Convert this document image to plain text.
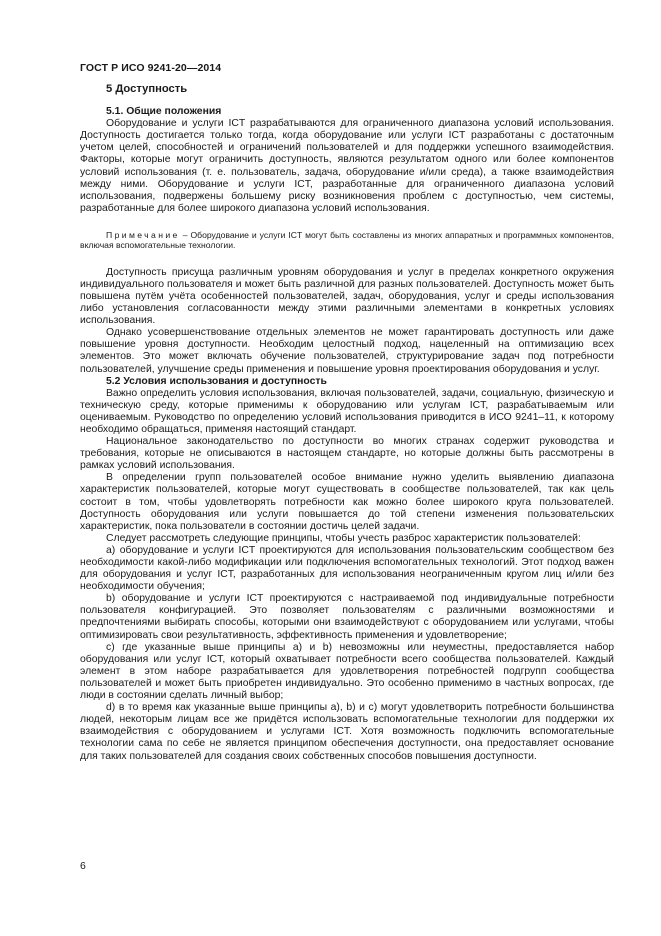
ГОСТ Р ИСО 9241-20—2014
5 Доступность
5.1. Общие положения

Оборудование и услуги ICT разрабатываются для ограниченного диапазона условий использования. Доступность достигается только тогда, когда оборудование или услуги ICT разработаны с достаточным учетом целей, способностей и ограничений пользователей и для поддержки успешного взаимодействия. Факторы, которые могут ограничить доступность, являются результатом одного или более компонентов условий использования (т. е. пользователь, задача, оборудование и/или среда), а также взаимодействия между ними. Оборудование и услуги ICT, разработанные для ограниченного диапазона условий использования, подвержены большему риску возникновения проблем с доступностью, чем системы, разработанные для более широкого диапазона условий использования.

Примечание – Оборудование и услуги ICT могут быть составлены из многих аппаратных и программных компонентов, включая вспомогательные технологии.

Доступность присуща различным уровням оборудования и услуг в пределах конкретного окружения индивидуального пользователя и может быть различной для разных пользователей. Доступность может быть повышена путём учёта особенностей пользователей, задач, оборудования, услуг и среды использования либо установления согласованности между этими различными элементами в конкретных условиях использования.

Однако усовершенствование отдельных элементов не может гарантировать доступность или даже повышение уровня доступности. Необходим целостный подход, нацеленный на оптимизацию всех элементов. Это может включать обучение пользователей, структурирование задач под потребности пользователей, улучшение среды применения и повышение уровня проектирования оборудования и услуг.

5.2 Условия использования и доступность

Важно определить условия использования, включая пользователей, задачи, социальную, физическую и техническую среду, которые применимы к оборудованию или услугам ICT, разрабатываемым или оцениваемым. Руководство по определению условий использования приводится в ИСО 9241‒11, к которому необходимо обращаться, применяя настоящий стандарт.

Национальное законодательство по доступности во многих странах содержит руководства и требования, которые не описываются в настоящем стандарте, но которые должны быть рассмотрены в рамках условий использования.

В определении групп пользователей особое внимание нужно уделить выявлению диапазона характеристик пользователей, которые могут существовать в сообществе пользователей, так как цель состоит в том, чтобы удовлетворять потребности как можно более широкого круга пользователей. Доступность оборудования или услуги повышается до той степени изменения пользовательских характеристик, пока пользователи в состоянии достичь целей задачи.

Следует рассмотреть следующие принципы, чтобы учесть разброс характеристик пользователей:

а) оборудование и услуги ICT проектируются для использования пользовательским сообществом без необходимости какой-либо модификации или подключения вспомогательных технологий. Этот подход важен для оборудования и услуг ICT, разработанных для использования неограниченным кругом лиц и/или без необходимости обучения;

b) оборудование и услуги ICT проектируются с настраиваемой под индивидуальные потребности пользователя конфигурацией. Это позволяет пользователям с различными возможностями и предпочтениями выбирать способы, которыми они взаимодействуют с оборудованием или услугами, чтобы оптимизировать свои результативность, эффективность применения и удовлетворение;

c) где указанные выше принципы а) и b) невозможны или неуместны, предоставляется набор оборудования или услуг ICT, который охватывает потребности всего сообщества пользователей. Каждый элемент в этом наборе разрабатывается для удовлетворения потребностей подгрупп сообщества пользователей и может быть приобретен индивидуально. Это особенно применимо в частных вопросах, где люди в состоянии сделать личный выбор;

d) в то время как указанные выше принципы а), b) и с) могут удовлетворить потребности большинства людей, некоторым лицам все же придётся использовать вспомогательные технологии для поддержки их взаимодействия с оборудованием и услугами ICT. Хотя возможность подключить вспомогательные технологии сама по себе не является принципом обеспечения доступности, она предоставляет основание для таких пользователей для создания своих собственных способов повышения доступности.

6
